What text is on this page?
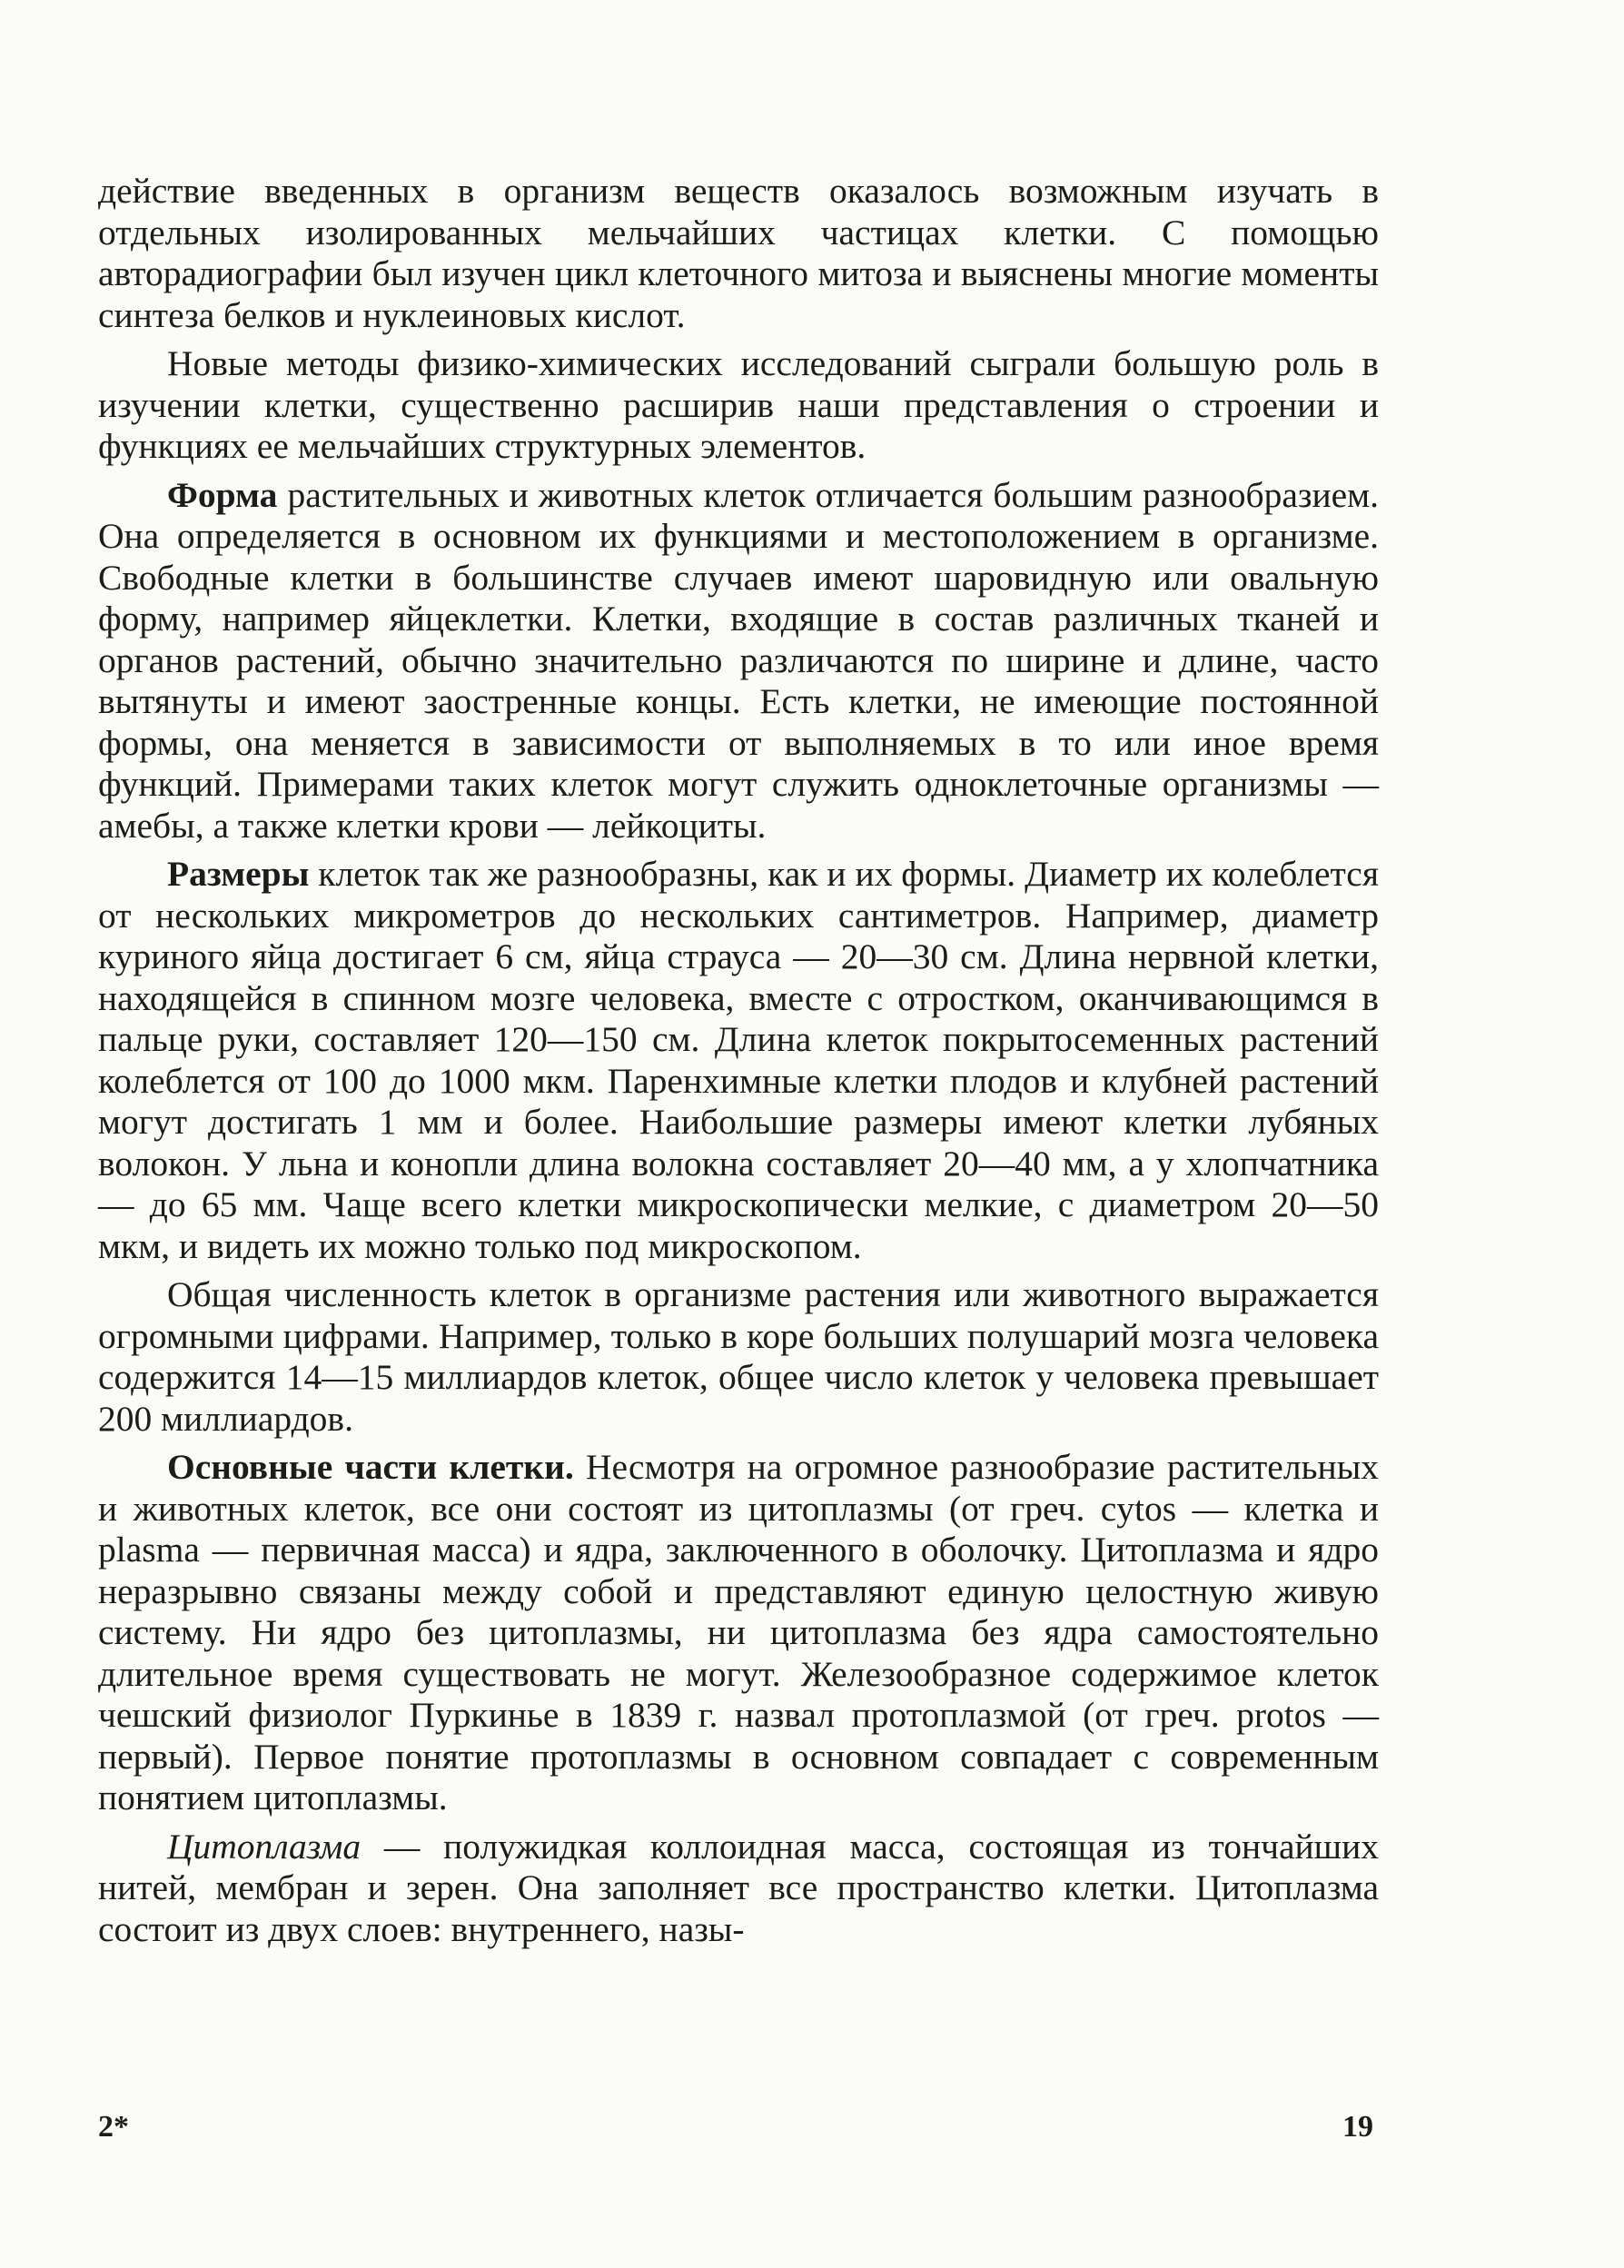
действие введенных в организм веществ оказалось возможным изучать в отдельных изолированных мельчайших частицах клетки. С помощью авторадиографии был изучен цикл клеточного митоза и выяснены многие моменты синтеза белков и нуклеиновых кислот.

Новые методы физико-химических исследований сыграли большую роль в изучении клетки, существенно расширив наши представления о строении и функциях ее мельчайших структурных элементов.

Форма растительных и животных клеток отличается большим разнообразием. Она определяется в основном их функциями и местоположением в организме. Свободные клетки в большинстве случаев имеют шаровидную или овальную форму, например яйцеклетки. Клетки, входящие в состав различных тканей и органов растений, обычно значительно различаются по ширине и длине, часто вытянуты и имеют заостренные концы. Есть клетки, не имеющие постоянной формы, она меняется в зависимости от выполняемых в то или иное время функций. Примерами таких клеток могут служить одноклеточные организмы — амебы, а также клетки крови — лейкоциты.

Размеры клеток так же разнообразны, как и их формы. Диаметр их колеблется от нескольких микрометров до нескольких сантиметров. Например, диаметр куриного яйца достигает 6 см, яйца страуса — 20—30 см. Длина нервной клетки, находящейся в спинном мозге человека, вместе с отростком, оканчивающимся в пальце руки, составляет 120—150 см. Длина клеток покрытосеменных растений колеблется от 100 до 1000 мкм. Паренхимные клетки плодов и клубней растений могут достигать 1 мм и более. Наибольшие размеры имеют клетки лубяных волокон. У льна и конопли длина волокна составляет 20—40 мм, а у хлопчатника — до 65 мм. Чаще всего клетки микроскопически мелкие, с диаметром 20—50 мкм, и видеть их можно только под микроскопом.

Общая численность клеток в организме растения или животного выражается огромными цифрами. Например, только в коре больших полушарий мозга человека содержится 14—15 миллиардов клеток, общее число клеток у человека превышает 200 миллиардов.

Основные части клетки. Несмотря на огромное разнообразие растительных и животных клеток, все они состоят из цитоплазмы (от греч. cytos — клетка и plasma — первичная масса) и ядра, заключенного в оболочку. Цитоплазма и ядро неразрывно связаны между собой и представляют единую целостную живую систему. Ни ядро без цитоплазмы, ни цитоплазма без ядра самостоятельно длительное время существовать не могут. Железообразное содержимое клеток чешский физиолог Пуркинье в 1839 г. назвал протоплазмой (от греч. protos — первый). Первое понятие протоплазмы в основном совпадает с современным понятием цитоплазмы.

Цитоплазма — полужидкая коллоидная масса, состоящая из тончайших нитей, мембран и зерен. Она заполняет все пространство клетки. Цитоплазма состоит из двух слоев: внутреннего, назы-

2*	19
